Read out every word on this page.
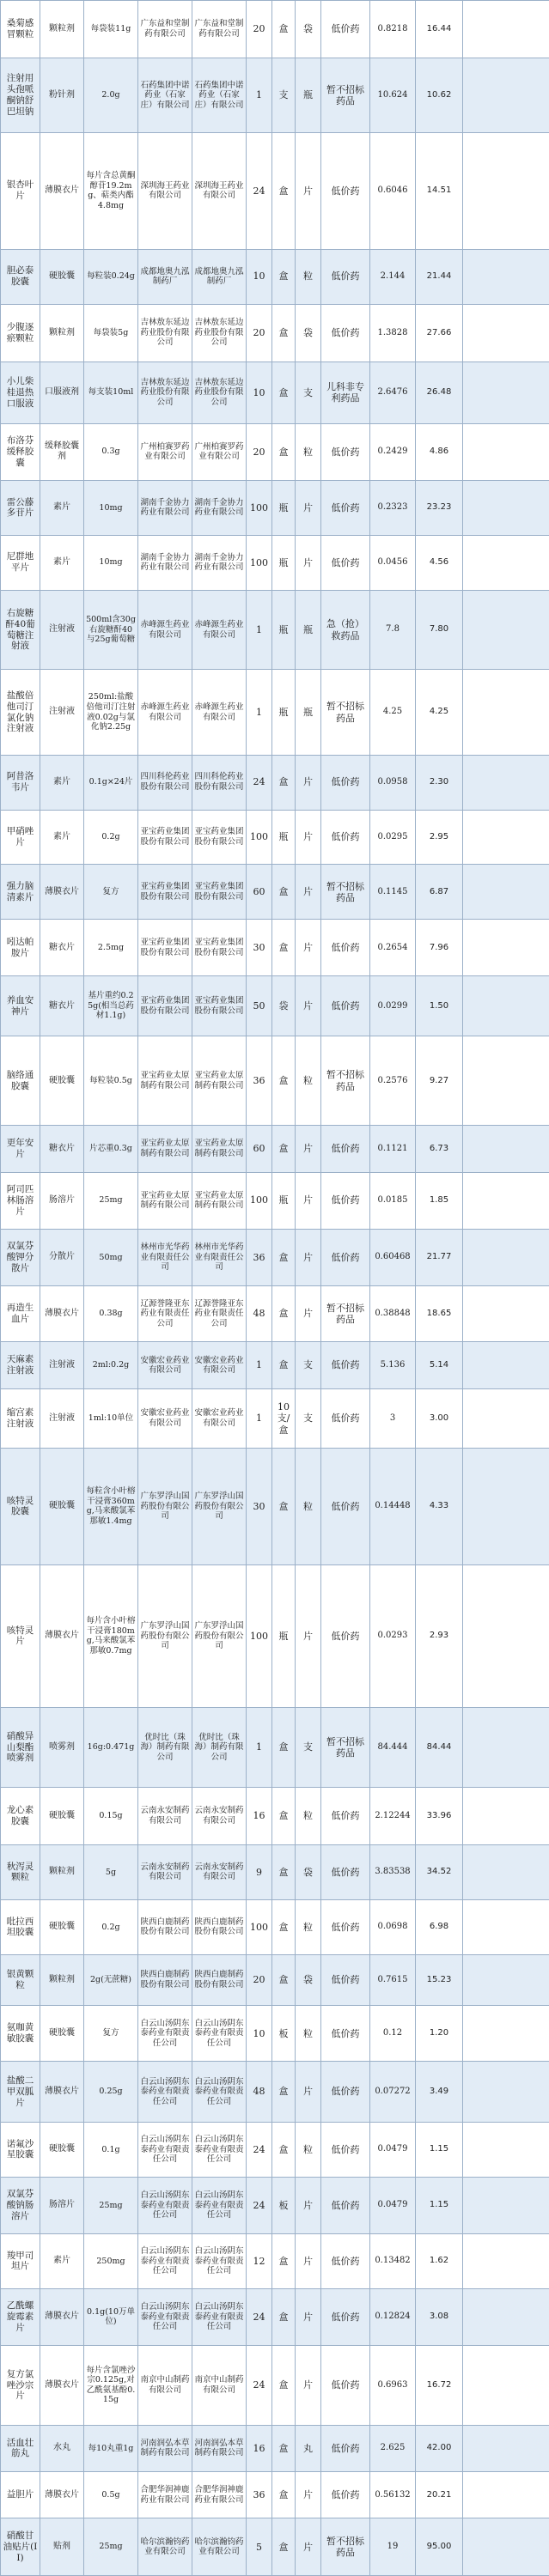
桑菊感冒颗粒	颗粒剂	每袋装11g	广东益和堂制药有限公司	广东益和堂制药有限公司	20	盒	袋	低价药	0.8218	16.44	
注射用头孢哌酮钠舒巴坦钠	粉针剂	2.0g	石药集团中诺药业（石家庄）有限公司	石药集团中诺药业（石家庄）有限公司	1	支	瓶	暂不招标药品	10.624	10.62	
银杏叶片	薄膜衣片	每片含总黄酮醇苷19.2mg、萜类内酯4.8mg	深圳海王药业有限公司	深圳海王药业有限公司	24	盒	片	低价药	0.6046	14.51	
胆必泰胶囊	硬胶囊	每粒装0.24g	成都地奥九泓制药厂	成都地奥九泓制药厂	10	盒	粒	低价药	2.144	21.44	
少腹逐瘀颗粒	颗粒剂	每袋装5g	吉林敖东延边药业股份有限公司	吉林敖东延边药业股份有限公司	20	盒	袋	低价药	1.3828	27.66	
小儿柴桂退热口服液	口服液剂	每支装10ml	吉林敖东延边药业股份有限公司	吉林敖东延边药业股份有限公司	10	盒	支	儿科非专利药品	2.6476	26.48	
布洛芬缓释胶囊	缓释胶囊剂	0.3g	广州柏赛罗药业有限公司	广州柏赛罗药业有限公司	20	盒	粒	低价药	0.2429	4.86	
雷公藤多苷片	素片	10mg	湖南千金协力药业有限公司	湖南千金协力药业有限公司	100	瓶	片	低价药	0.2323	23.23	
尼群地平片	素片	10mg	湖南千金协力药业有限公司	湖南千金协力药业有限公司	100	瓶	片	低价药	0.0456	4.56	
右旋糖酐40葡萄糖注射液	注射液	500ml含30g右旋糖酐40与25g葡萄糖	赤峰源生药业有限公司	赤峰源生药业有限公司	1	瓶	瓶	急（抢）救药品	7.8	7.80	
盐酸倍他司汀氯化钠注射液	注射液	250ml:盐酸倍他司汀注射液0.02g与氯化钠2.25g	赤峰源生药业有限公司	赤峰源生药业有限公司	1	瓶	瓶	暂不招标药品	4.25	4.25	
阿昔洛韦片	素片	0.1g×24片	四川科伦药业股份有限公司	四川科伦药业股份有限公司	24	盒	片	低价药	0.0958	2.30	
甲硝唑片	素片	0.2g	亚宝药业集团股份有限公司	亚宝药业集团股份有限公司	100	瓶	片	低价药	0.0295	2.95	
强力脑清素片	薄膜衣片	复方	亚宝药业集团股份有限公司	亚宝药业集团股份有限公司	60	盒	片	暂不招标药品	0.1145	6.87	
吲达帕胺片	糖衣片	2.5mg	亚宝药业集团股份有限公司	亚宝药业集团股份有限公司	30	盒	片	低价药	0.2654	7.96	
养血安神片	糖衣片	基片重约0.25g(相当总药材1.1g)	亚宝药业集团股份有限公司	亚宝药业集团股份有限公司	50	袋	片	低价药	0.0299	1.50	
脑络通胶囊	硬胶囊	每粒装0.5g	亚宝药业太原制药有限公司	亚宝药业太原制药有限公司	36	盒	粒	暂不招标药品	0.2576	9.27	
更年安片	糖衣片	片芯重0.3g	亚宝药业太原制药有限公司	亚宝药业太原制药有限公司	60	盒	片	低价药	0.1121	6.73	
阿司匹林肠溶片	肠溶片	25mg	亚宝药业太原制药有限公司	亚宝药业太原制药有限公司	100	瓶	片	低价药	0.0185	1.85	
双氯芬酸钾分散片	分散片	50mg	林州市光华药业有限责任公司	林州市光华药业有限责任公司	36	盒	片	低价药	0.60468	21.77	
再造生血片	薄膜衣片	0.38g	辽源誉隆亚东药业有限责任公司	辽源誉隆亚东药业有限责任公司	48	盒	片	暂不招标药品	0.38848	18.65	
天麻素注射液	注射液	2ml:0.2g	安徽宏业药业有限公司	安徽宏业药业有限公司	1	盒	支	低价药	5.136	5.14	
缩宫素注射液	注射液	1ml:10单位	安徽宏业药业有限公司	安徽宏业药业有限公司	1	10支/盒	支	低价药	3	3.00	
咳特灵胶囊	硬胶囊	每粒含小叶榕干浸膏360mg,马来酸氯苯那敏1.4mg	广东罗浮山国药股份有限公司	广东罗浮山国药股份有限公司	30	盒	粒	低价药	0.14448	4.33	
咳特灵片	薄膜衣片	每片含小叶榕干浸膏180mg,马来酸氯苯那敏0.7mg	广东罗浮山国药股份有限公司	广东罗浮山国药股份有限公司	100	瓶	片	低价药	0.0293	2.93	
硝酸异山梨酯喷雾剂	喷雾剂	16g:0.471g	优时比（珠海）制药有限公司	优时比（珠海）制药有限公司	1	盒	支	暂不招标药品	84.444	84.44	
龙心素胶囊	硬胶囊	0.15g	云南永安制药有限公司	云南永安制药有限公司	16	盒	粒	低价药	2.12244	33.96	
秋泻灵颗粒	颗粒剂	5g	云南永安制药有限公司	云南永安制药有限公司	9	盒	袋	低价药	3.83538	34.52	
吡拉西坦胶囊	硬胶囊	0.2g	陕西白鹿制药股份有限公司	陕西白鹿制药股份有限公司	100	盒	粒	低价药	0.0698	6.98	
银黄颗粒	颗粒剂	2g(无蔗糖)	陕西白鹿制药股份有限公司	陕西白鹿制药股份有限公司	20	盒	袋	低价药	0.7615	15.23	
氨咖黄敏胶囊	硬胶囊	复方	白云山汤阴东泰药业有限责任公司	白云山汤阴东泰药业有限责任公司	10	板	粒	低价药	0.12	1.20	
盐酸二甲双胍片	薄膜衣片	0.25g	白云山汤阴东泰药业有限责任公司	白云山汤阴东泰药业有限责任公司	48	盒	片	低价药	0.07272	3.49	
诺氟沙星胶囊	硬胶囊	0.1g	白云山汤阴东泰药业有限责任公司	白云山汤阴东泰药业有限责任公司	24	盒	粒	低价药	0.0479	1.15	
双氯芬酸钠肠溶片	肠溶片	25mg	白云山汤阴东泰药业有限责任公司	白云山汤阴东泰药业有限责任公司	24	板	片	低价药	0.0479	1.15	
羧甲司坦片	素片	250mg	白云山汤阴东泰药业有限责任公司	白云山汤阴东泰药业有限责任公司	12	盒	片	低价药	0.13482	1.62	
乙酰螺旋霉素片	薄膜衣片	0.1g(10万单位)	白云山汤阴东泰药业有限责任公司	白云山汤阴东泰药业有限责任公司	24	盒	片	低价药	0.12824	3.08	
复方氯唑沙宗片	薄膜衣片	每片含氯唑沙宗0.125g,对乙酰氨基酚0.15g	南京中山制药有限公司	南京中山制药有限公司	24	盒	片	低价药	0.6963	16.72	
活血壮筋丸	水丸	每10丸重1g	河南润弘本草制药有限公司	河南润弘本草制药有限公司	16	盒	丸	低价药	2.625	42.00	
益胆片	薄膜衣片	0.5g	合肥华润神鹿药业有限公司	合肥华润神鹿药业有限公司	36	盒	片	低价药	0.56132	20.21	
硝酸甘油贴片(II)	贴剂	25mg	哈尔滨瀚钧药业有限公司	哈尔滨瀚钧药业有限公司	5	盒	片	暂不招标药品	19	95.00	
